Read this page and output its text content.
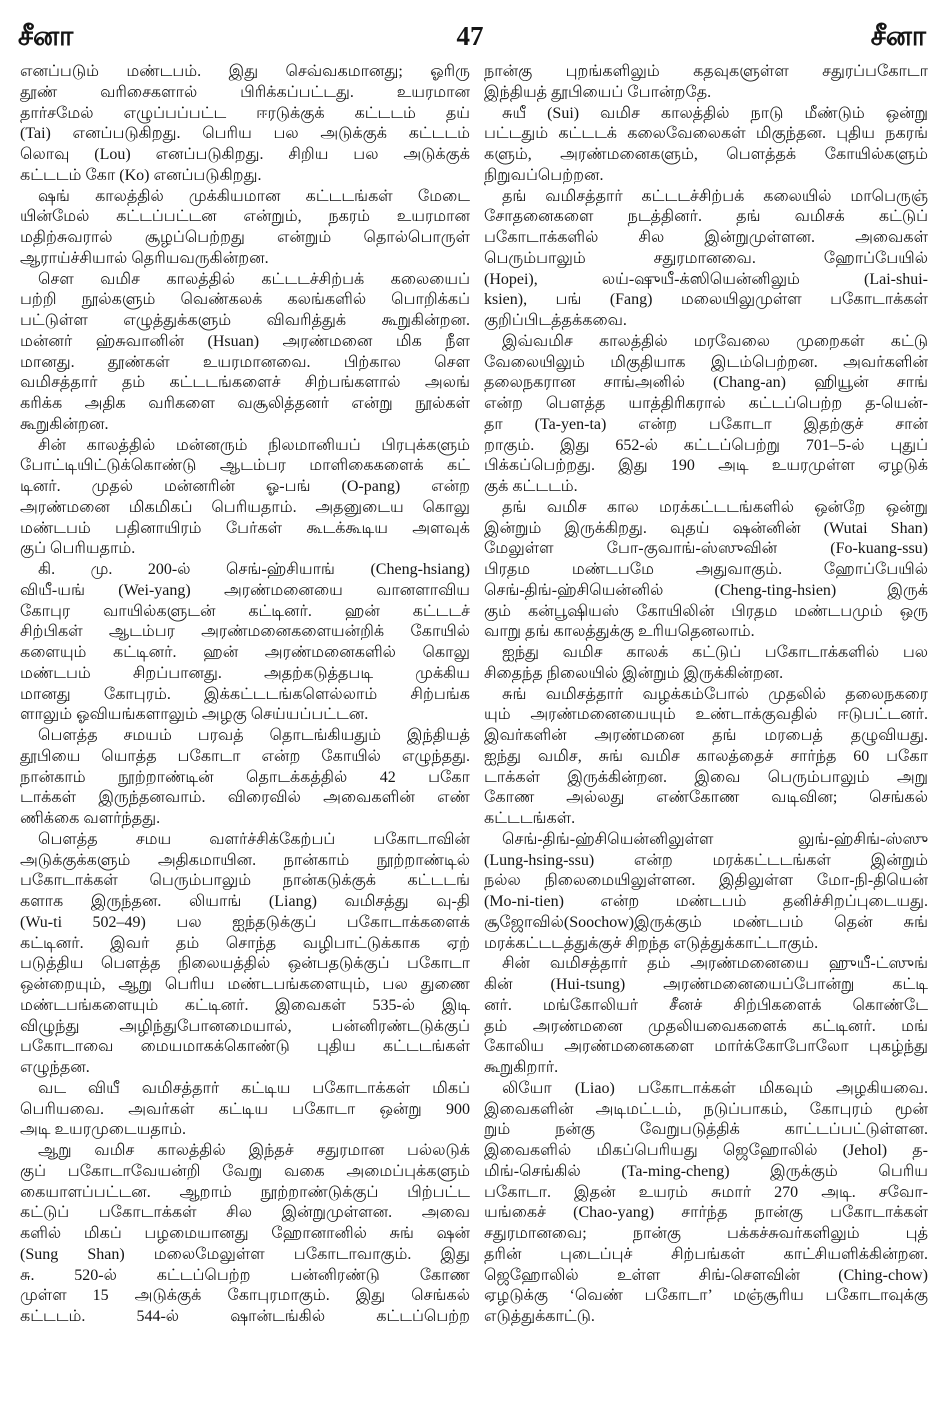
சீனா	47	சீனா
எனப்படும் மண்டபம். இது செவ்வகமானது; ஓரிரு
தூண் வரிசைகளால் பிரிக்கப்பட்டது. உயரமான
தார்சமேல் எழுப்பப்பட்ட ஈரடுக்குக் கட்டடம் தய்
(Tai) எனப்படுகிறது. பெரிய பல அடுக்குக் கட்டடம்
லொவு (Lou) எனப்படுகிறது. சிறிய பல அடுக்குக்
கட்டடம் கோ (Ko) எனப்படுகிறது.
ஷங் காலத்தில் முக்கியமான கட்டடங்கள் மேடை
யின்மேல் கட்டப்பட்டன என்றும், நகரம் உயரமான
மதிற்சுவரால் சூழப்பெற்றது என்றும் தொல்பொருள்
ஆராய்ச்சியால் தெரியவருகின்றன.
சௌ வமிச காலத்தில் கட்டடச்சிற்பக் கலையைப்
பற்றி நூல்களும் வெண்கலக் கலங்களில் பொறிக்கப்
பட்டுள்ள எழுத்துக்களும் விவரித்துக் கூறுகின்றன.
மன்னர் ஹ்சுவானின் (Hsuan) அரண்மனை மிக நீள
மானது. தூண்கள் உயரமானவை. பிற்கால சௌ
வமிசத்தார் தம் கட்டடங்களைச் சிற்பங்களால் அலங்
கரிக்க அதிக வரிகளை வசூலித்தனர் என்று நூல்கள்
கூறுகின்றன.
சின் காலத்தில் மன்னரும் நிலமானியப் பிரபுக்களும்
போட்டியிட்டுக்கொண்டு ஆடம்பர மாளிகைகளைக் கட்
டினர். முதல் மன்னரின் ஓ-பங் (O-pang) என்ற
அரண்மனை மிகமிகப் பெரியதாம். அதனுடைய கொலு
மண்டபம் பதினாயிரம் பேர்கள் கூடக்கூடிய அளவுக்
குப் பெரியதாம்.
கி. மு. 200-ல் செங்-ஹ்சியாங் (Cheng-hsiang)
வியீ-யங் (Wei-yang) அரண்மனையை வானளாவிய
கோபுர வாயில்களுடன் கட்டினர். ஹன் கட்டடச்
சிற்பிகள் ஆடம்பர அரண்மனைகளையன்றிக் கோயில்
களையும் கட்டினர். ஹன் அரண்மனைகளில் கொலு
மண்டபம் சிறப்பானது. அதற்கடுத்தபடி முக்கிய
மானது கோபுரம். இக்கட்டடங்களெல்லாம் சிற்பங்க
ளாலும் ஓவியங்களாலும் அழகு செய்யப்பட்டன.
பௌத்த சமயம் பரவத் தொடங்கியதும் இந்தியத்
தூபியை யொத்த பகோடா என்ற கோயில் எழுந்தது.
நான்காம் நூற்றாண்டின் தொடக்கத்தில் 42 பகோ
டாக்கள் இருந்தனவாம். விரைவில் அவைகளின் எண்
ணிக்கை வளர்ந்தது.
பௌத்த சமய வளர்ச்சிக்கேற்பப் பகோடாவின்
அடுக்குக்களும் அதிகமாயின. நான்காம் நூற்றாண்டில்
பகோடாக்கள் பெரும்பாலும் நான்கடுக்குக் கட்டடங்
களாக இருந்தன. லியாங் (Liang) வமிசத்து வு-தி
(Wu-ti 502–49) பல ஐந்தடுக்குப் பகோடாக்களைக்
கட்டினர். இவர் தம் சொந்த வழிபாட்டுக்காக ஏற்
படுத்திய பௌத்த நிலையத்தில் ஒன்பதடுக்குப் பகோடா
ஒன்றையும், ஆறு பெரிய மண்டபங்களையும், பல துணை
மண்டபங்களையும் கட்டினர். இவைகள் 535-ல் இடி
விழுந்து அழிந்துபோனமையால், பன்னிரண்டடுக்குப்
பகோடாவை மையமாகக்கொண்டு புதிய கட்டடங்கள்
எழுந்தன.
வட வியீ வமிசத்தார் கட்டிய பகோடாக்கள் மிகப்
பெரியவை. அவர்கள் கட்டிய பகோடா ஒன்று 900
அடி உயரமுடையதாம்.
ஆறு வமிச காலத்தில் இந்தச் சதுரமான பல்லடுக்
குப் பகோடாவேயன்றி வேறு வகை அமைப்புக்களும்
கையாளப்பட்டன. ஆறாம் நூற்றாண்டுக்குப் பிற்பட்ட
கட்டுப் பகோடாக்கள் சில இன்றுமுள்ளன. அவை
களில் மிகப் பழமையானது ஹோனானில் சுங் ஷன்
(Sung Shan) மலைமேலுள்ள பகோடாவாகும். இது
சு. 520-ல் கட்டப்பெற்ற பன்னிரண்டு கோண
முள்ள 15 அடுக்குக் கோபுரமாகும். இது செங்கல்
கட்டடம். 544-ல் ஷான்டங்கில் கட்டப்பெற்ற
நான்கு புறங்களிலும் கதவுகளுள்ள சதுரப்பகோடா
இந்தியத் தூபியைப் போன்றதே.
சுயீ (Sui) வமிச காலத்தில் நாடு மீண்டும் ஒன்று
பட்டதும் கட்டடக் கலைவேலைகள் மிகுந்தன. புதிய நகரங்
களும், அரண்மனைகளும், பௌத்தக் கோயில்களும்
நிறுவப்பெற்றன.
தங் வமிசத்தார் கட்டடச்சிற்பக் கலையில் மாபெருஞ்
சோதனைகளை நடத்தினர். தங் வமிசக் கட்டுப்
பகோடாக்களில் சில இன்றுமுள்ளன. அவைகள்
பெரும்பாலும் சதுரமானவை. ஹோப்பேயில்
(Hopei), லய்-ஷுயீ-க்ஸியென்னிலும் (Lai-shui-
ksien), பங் (Fang) மலையிலுமுள்ள பகோடாக்கள்
குறிப்பிடத்தக்கவை.
இவ்வமிச காலத்தில் மரவேலை முறைகள் கட்டு
வேலையிலும் மிகுதியாக இடம்பெற்றன. அவர்களின்
தலைநகரான சாங்அனில் (Chang-an) ஹியூன் சாங்
என்ற பௌத்த யாத்திரிகரால் கட்டப்பெற்ற த-யென்-
தா (Ta-yen-ta) என்ற பகோடா இதற்குச் சான்
றாகும். இது 652-ல் கட்டப்பெற்று 701–5-ல் புதுப்
பிக்கப்பெற்றது. இது 190 அடி உயரமுள்ள ஏழடுக்
குக் கட்டடம்.
தங் வமிச கால மரக்கட்டடங்களில் ஒன்றே ஒன்று
இன்றும் இருக்கிறது. வுதய் ஷன்னின் (Wutai Shan)
மேலுள்ள போ-குவாங்-ஸ்ஸுவின் (Fo-kuang-ssu)
பிரதம மண்டபமே அதுவாகும். ஹோப்பேயில்
செங்-திங்-ஹ்சியென்னில் (Cheng-ting-hsien) இருக்
கும் கன்பூஷியஸ் கோயிலின் பிரதம மண்டபமும் ஒரு
வாறு தங் காலத்துக்கு உரியதெனலாம்.
ஐந்து வமிச காலக் கட்டுப் பகோடாக்களில் பல
சிதைந்த நிலையில் இன்றும் இருக்கின்றன.
சுங் வமிசத்தார் வழக்கம்போல் முதலில் தலைநகரை
யும் அரண்மனையையும் உண்டாக்குவதில் ஈடுபட்டனர்.
இவர்களின் அரண்மனை தங் மரபைத் தழுவியது.
ஐந்து வமிச, சுங் வமிச காலத்தைச் சார்ந்த 60 பகோ
டாக்கள் இருக்கின்றன. இவை பெரும்பாலும் அறு
கோண அல்லது எண்கோண வடிவின; செங்கல்
கட்டடங்கள்.
செங்-திங்-ஹ்சியென்னிலுள்ள லுங்-ஹ்சிங்-ஸ்ஸு
(Lung-hsing-ssu) என்ற மரக்கட்டடங்கள் இன்றும்
நல்ல நிலைமையிலுள்ளன. இதிலுள்ள மோ-நி-தியென்
(Mo-ni-tien) என்ற மண்டபம் தனிச்சிறப்புடையது.
சூஜோவில்(Soochow)இருக்கும் மண்டபம் தென் சுங்
மரக்கட்டடத்துக்குச் சிறந்த எடுத்துக்காட்டாகும்.
சின் வமிசத்தார் தம் அரண்மனையை ஹுயீ-ட்ஸுங்
கின் (Hui-tsung) அரண்மனையைப்போன்று கட்டி
னர். மங்கோலியர் சீனச் சிற்பிகளைக் கொண்டே
தம் அரண்மனை முதலியவைகளைக் கட்டினர். மங்
கோலிய அரண்மனைகளை மார்க்கோபோலோ புகழ்ந்து
கூறுகிறார்.
லியோ (Liao) பகோடாக்கள் மிகவும் அழகியவை.
இவைகளின் அடிமட்டம், நடுப்பாகம், கோபுரம் மூன்
றும் நன்கு வேறுபடுத்திக் காட்டப்பட்டுள்ளன.
இவைகளில் மிகப்பெரியது ஜெஹோலில் (Jehol) த-
மிங்-செங்கில் (Ta-ming-cheng) இருக்கும் பெரிய
பகோடா. இதன் உயரம் சுமார் 270 அடி. சவோ-
யங்கைச் (Chao-yang) சார்ந்த நான்கு பகோடாக்கள்
சதுரமானவை; நான்கு பக்கச்சுவர்களிலும் புத்
தரின் புடைப்புச் சிற்பங்கள் காட்சியளிக்கின்றன.
ஜெஹோலில் உள்ள சிங்-சௌவின் (Ching-chow)
ஏழடுக்கு ‘வெண் பகோடா’ மஞ்சூரிய பகோடாவுக்கு
எடுத்துக்காட்டு.
